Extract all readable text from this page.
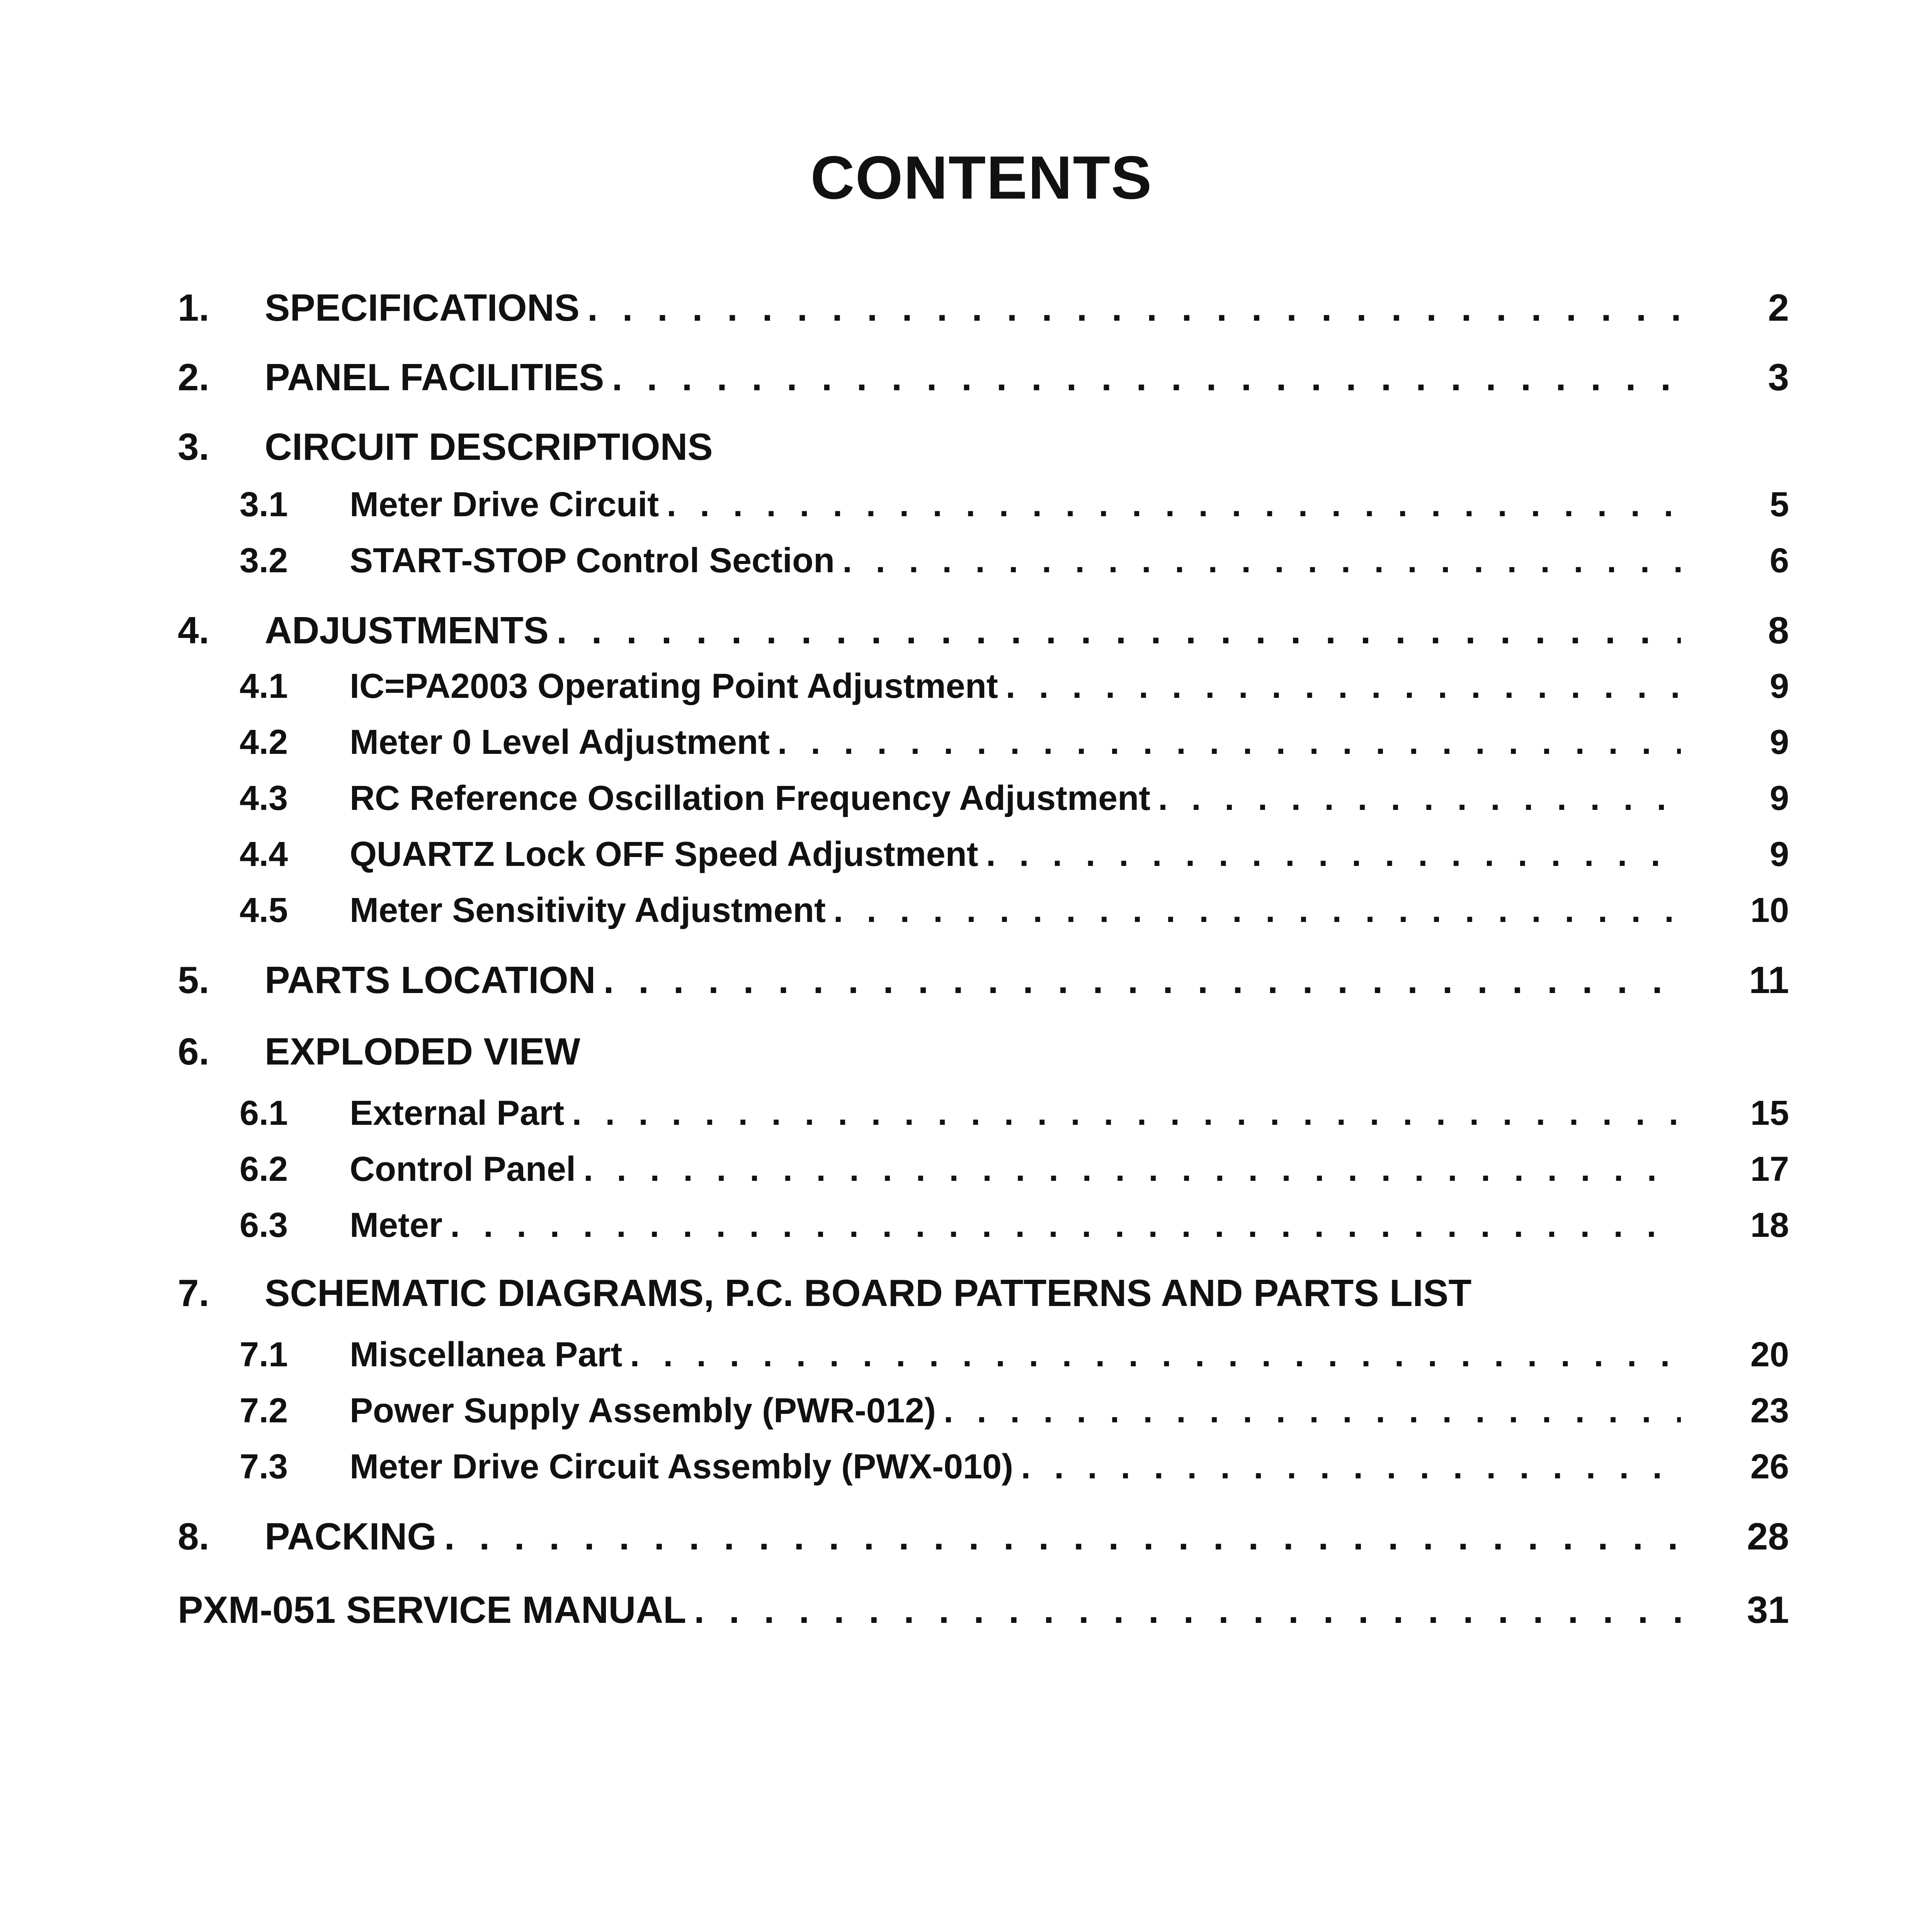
CONTENTS
1.	SPECIFICATIONS . . .	2
2.	PANEL FACILITIES . . .	3
3.	CIRCUIT DESCRIPTIONS
3.1	Meter Drive Circuit . . .	5
3.2	START-STOP Control Section . . .	6
4.	ADJUSTMENTS . . .	8
4.1	IC=PA2003 Operating Point Adjustment . . .	9
4.2	Meter 0 Level Adjustment . . .	9
4.3	RC Reference Oscillation Frequency Adjustment . . .	9
4.4	QUARTZ Lock OFF Speed Adjustment . . .	9
4.5	Meter Sensitivity Adjustment . . .	10
5.	PARTS LOCATION . . .	11
6.	EXPLODED VIEW
6.1	External Part . . .	15
6.2	Control Panel . . .	17
6.3	Meter . . .	18
7.	SCHEMATIC DIAGRAMS, P.C. BOARD PATTERNS AND PARTS LIST
7.1	Miscellanea Part . . .	20
7.2	Power Supply Assembly (PWR-012) . . .	23
7.3	Meter Drive Circuit Assembly (PWX-010) . . .	26
8.	PACKING . . .	28
PXM-051 SERVICE MANUAL . . .	31
